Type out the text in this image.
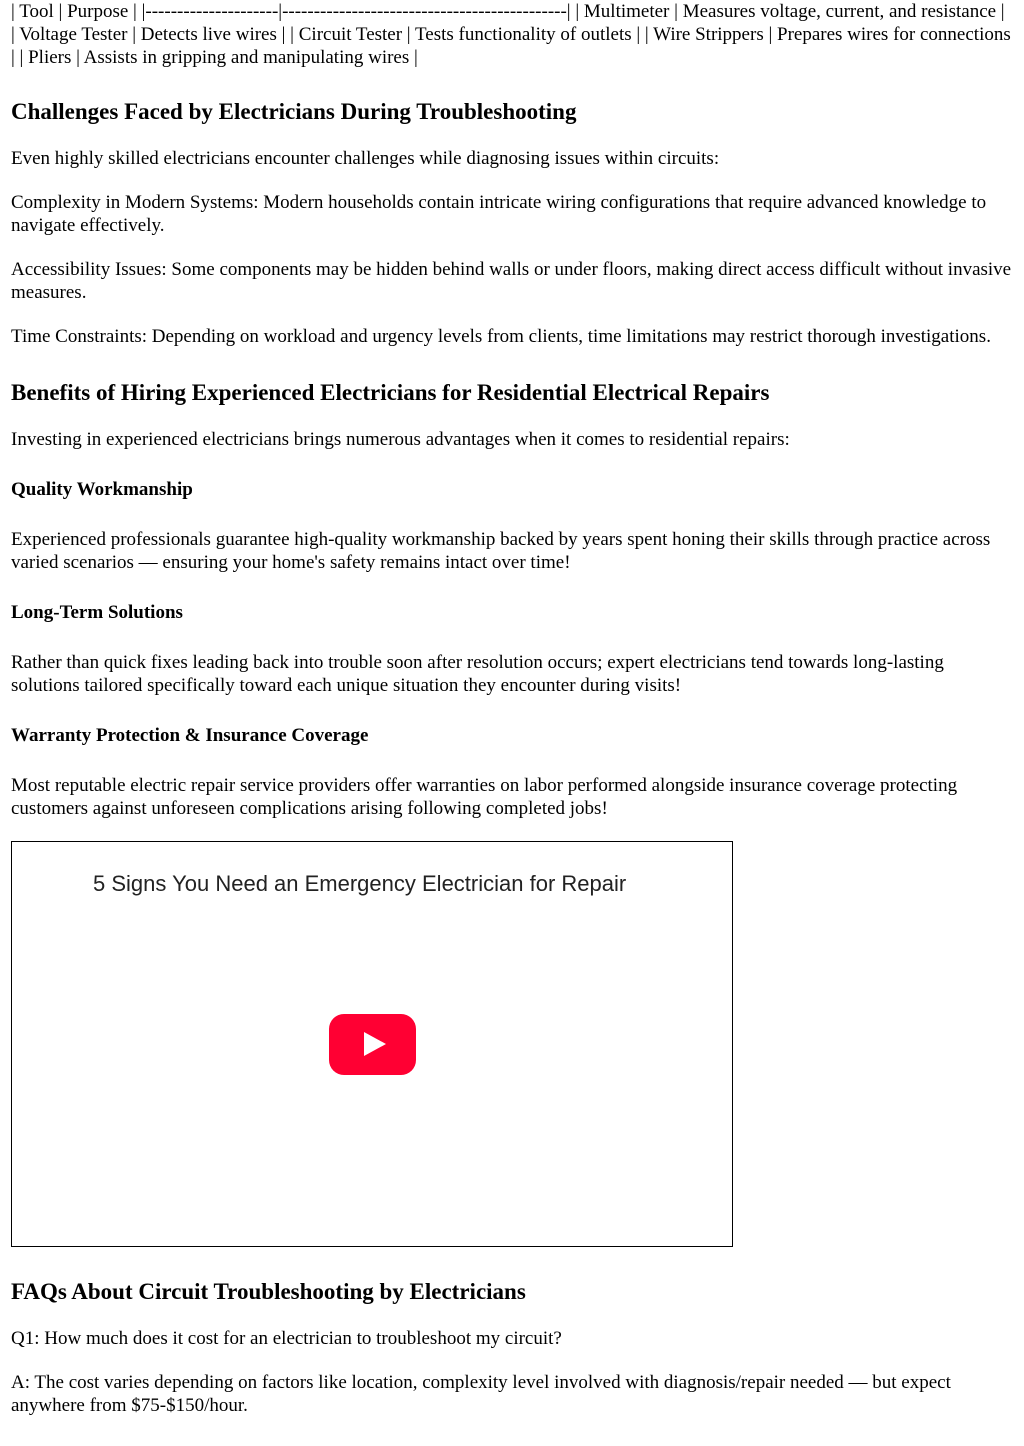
| Tool | Purpose | |---------------------|---------------------------------------------| | Multimeter | Measures voltage, current, and resistance | | Voltage Tester | Detects live wires | | Circuit Tester | Tests functionality of outlets | | Wire Strippers | Prepares wires for connections | | Pliers | Assists in gripping and manipulating wires |

Challenges Faced by Electricians During Troubleshooting

Even highly skilled electricians encounter challenges while diagnosing issues within circuits:

Complexity in Modern Systems: Modern households contain intricate wiring configurations that require advanced knowledge to navigate effectively.

Accessibility Issues: Some components may be hidden behind walls or under floors, making direct access difficult without invasive measures.

Time Constraints: Depending on workload and urgency levels from clients, time limitations may restrict thorough investigations.

Benefits of Hiring Experienced Electricians for Residential Electrical Repairs

Investing in experienced electricians brings numerous advantages when it comes to residential repairs:

Quality Workmanship

Experienced professionals guarantee high-quality workmanship backed by years spent honing their skills through practice across varied scenarios — ensuring your home's safety remains intact over time!

Long-Term Solutions

Rather than quick fixes leading back into trouble soon after resolution occurs; expert electricians tend towards long-lasting solutions tailored specifically toward each unique situation they encounter during visits!

Warranty Protection & Insurance Coverage

Most reputable electric repair service providers offer warranties on labor performed alongside insurance coverage protecting customers against unforeseen complications arising following completed jobs!

5 Signs You Need an Emergency Electrician for Repair
FAQs About Circuit Troubleshooting by Electricians

Q1: How much does it cost for an electrician to troubleshoot my circuit?

A: The cost varies depending on factors like location, complexity level involved with diagnosis/repair needed — but expect anywhere from $75-$150/hour.
